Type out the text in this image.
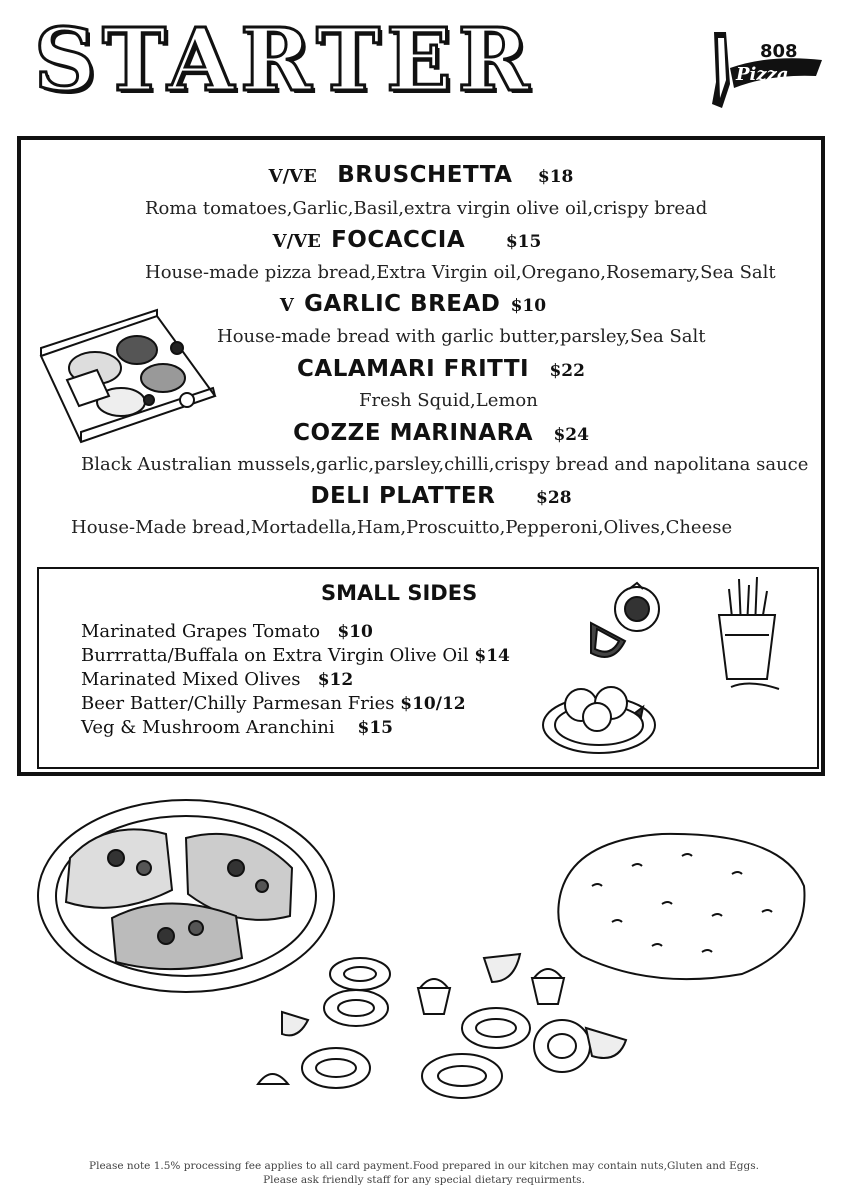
STARTER	808
Pizza
V/VE BRUSCHETTA $18
Roma tomatoes,Garlic,Basil,extra virgin olive oil,crispy bread
V/VE FOCACCIA $15
House-made pizza bread,Extra Virgin oil,Oregano,Rosemary,Sea Salt
V GARLIC BREAD $10
House-made bread with garlic butter,parsley,Sea Salt
CALAMARI FRITTI $22
Fresh Squid,Lemon
COZZE MARINARA $24
Black Australian mussels,garlic,parsley,chilli,crispy bread and napolitana sauce
DELI PLATTER $28
House-Made bread,Mortadella,Ham,Proscuitto,Pepperoni,Olives,Cheese
SMALL SIDES
Marinated Grapes Tomato $10
Burrratta/Buffala on Extra Virgin Olive Oil $14
Marinated Mixed Olives $12
Beer Batter/Chilly Parmesan Fries $10/12
Veg & Mushroom Aranchini $15
Please note 1.5% processing fee applies to all card payment.Food prepared in our kitchen may contain nuts,Gluten and Eggs.
Please ask friendly staff for any special dietary requirments.
